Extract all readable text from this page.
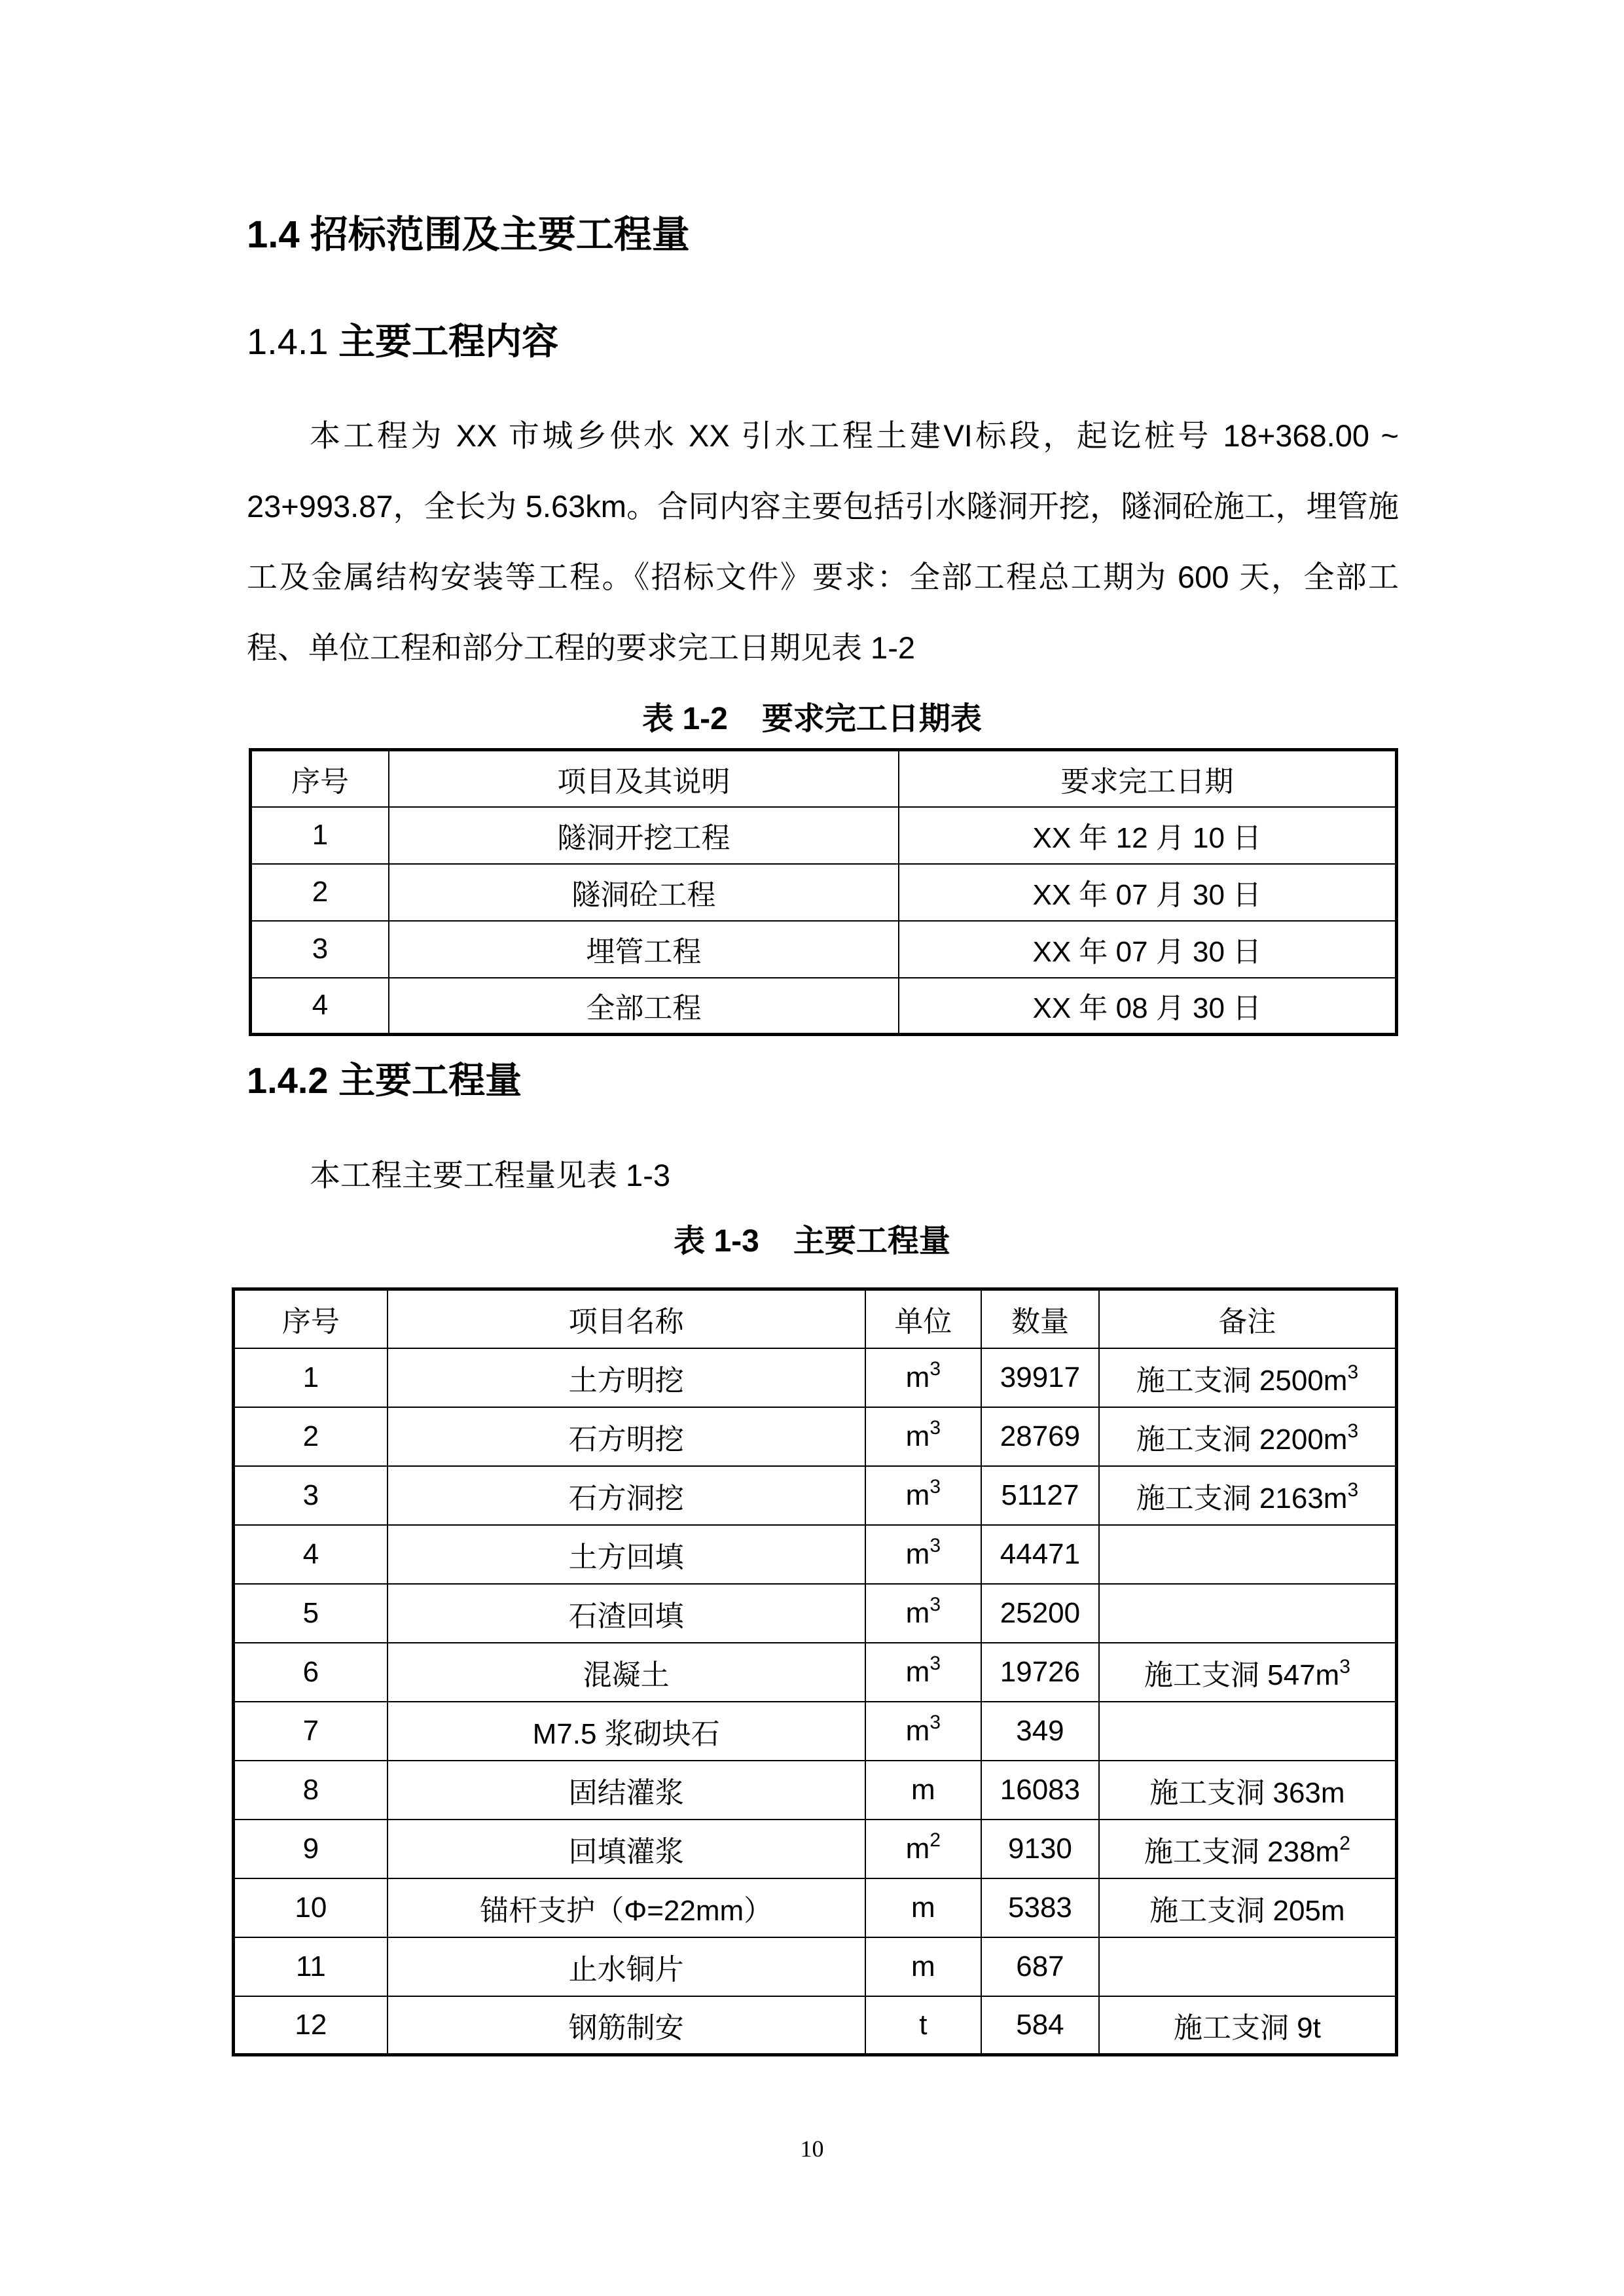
1.4 招标范围及主要工程量
1.4.1 主要工程内容

本工程为 XX 市城乡供水 XX 引水工程土建VI标段，起讫桩号 18+368.00 ~ 23+993.87，全长为 5.63km。合同内容主要包括引水隧洞开挖，隧洞砼施工，埋管施工及金属结构安装等工程。《招标文件》要求：全部工程总工期为 600 天，全部工程、单位工程和部分工程的要求完工日期见表 1-2

表 1-2 要求完工日期表

序号	项目及其说明	要求完工日期
1	隧洞开挖工程	XX 年 12 月 10 日
2	隧洞砼工程	XX 年 07 月 30 日
3	埋管工程	XX 年 07 月 30 日
4	全部工程	XX 年 08 月 30 日
1.4.2 主要工程量

本工程主要工程量见表 1-3

表 1-3 主要工程量

序号	项目名称	单位	数量	备注
1	土方明挖	$m^3$	39917	施工支洞 $2500m^3$
2	石方明挖	$m^3$	28769	施工支洞 $2200m^3$
3	石方洞挖	$m^3$	51127	施工支洞 $2163m^3$
4	土方回填	$m^3$	44471	
5	石渣回填	$m^3$	25200	
6	混凝土	$m^3$	19726	施工支洞 $547m^3$
7	M7.5 浆砌块石	$m^3$	349	
8	固结灌浆	m	16083	施工支洞 363m
9	回填灌浆	$m^2$	9130	施工支洞 $238m^2$
10	锚杆支护（Φ=22mm）	m	5383	施工支洞 205m
11	止水铜片	m	687	
12	钢筋制安	t	584	施工支洞 9t
10
